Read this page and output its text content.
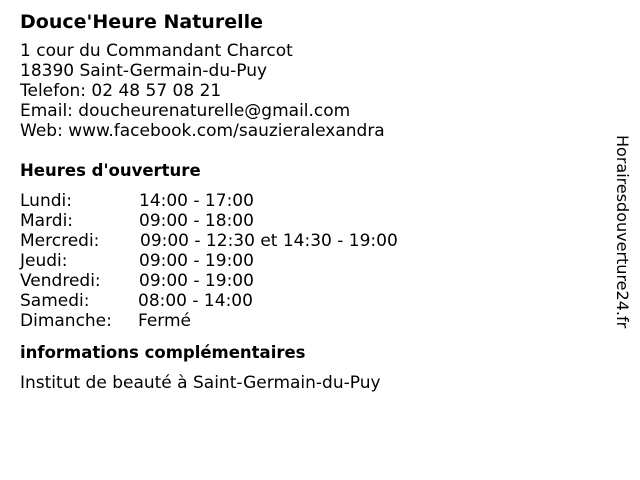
Douce'Heure Naturelle
1 cour du Commandant Charcot
18390 Saint-Germain-du-Puy
Telefon: 02 48 57 08 21
Email: doucheurenaturelle@gmail.com
Web: www.facebook.com/sauzieralexandra
Heures d'ouverture
Lundi:	14:00 - 17:00
Mardi:	09:00 - 18:00
Mercredi: 09:00 - 12:30 et 14:30 - 19:00
Jeudi:	09:00 - 19:00
Vendredi: 09:00 - 19:00
Samedi:	08:00 - 14:00
Dimanche: Fermé
informations complémentaires
Institut de beauté à Saint-Germain-du-Puy
Horairesdouverture24.fr
